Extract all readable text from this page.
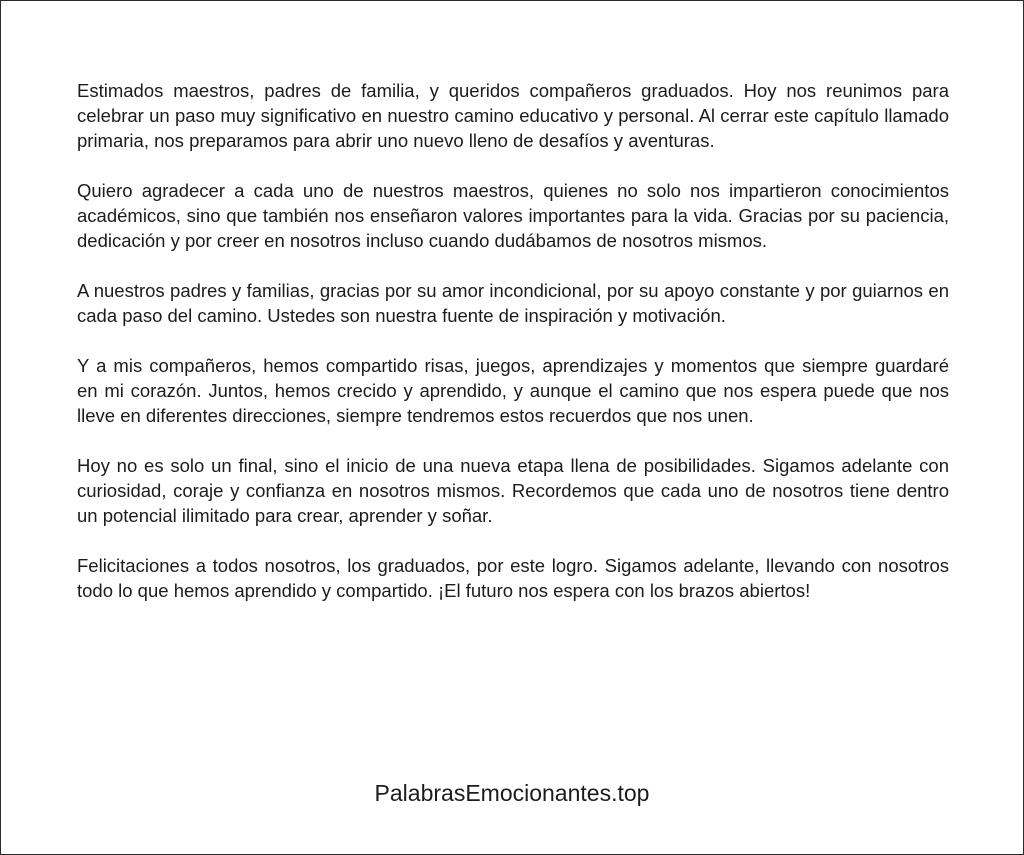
Estimados maestros, padres de familia, y queridos compañeros graduados. Hoy nos reunimos para celebrar un paso muy significativo en nuestro camino educativo y personal. Al cerrar este capítulo llamado primaria, nos preparamos para abrir uno nuevo lleno de desafíos y aventuras.

Quiero agradecer a cada uno de nuestros maestros, quienes no solo nos impartieron conocimientos académicos, sino que también nos enseñaron valores importantes para la vida. Gracias por su paciencia, dedicación y por creer en nosotros incluso cuando dudábamos de nosotros mismos.

A nuestros padres y familias, gracias por su amor incondicional, por su apoyo constante y por guiarnos en cada paso del camino. Ustedes son nuestra fuente de inspiración y motivación.

Y a mis compañeros, hemos compartido risas, juegos, aprendizajes y momentos que siempre guardaré en mi corazón. Juntos, hemos crecido y aprendido, y aunque el camino que nos espera puede que nos lleve en diferentes direcciones, siempre tendremos estos recuerdos que nos unen.

Hoy no es solo un final, sino el inicio de una nueva etapa llena de posibilidades. Sigamos adelante con curiosidad, coraje y confianza en nosotros mismos. Recordemos que cada uno de nosotros tiene dentro un potencial ilimitado para crear, aprender y soñar.

Felicitaciones a todos nosotros, los graduados, por este logro. Sigamos adelante, llevando con nosotros todo lo que hemos aprendido y compartido. ¡El futuro nos espera con los brazos abiertos!

PalabrasEmocionantes.top
